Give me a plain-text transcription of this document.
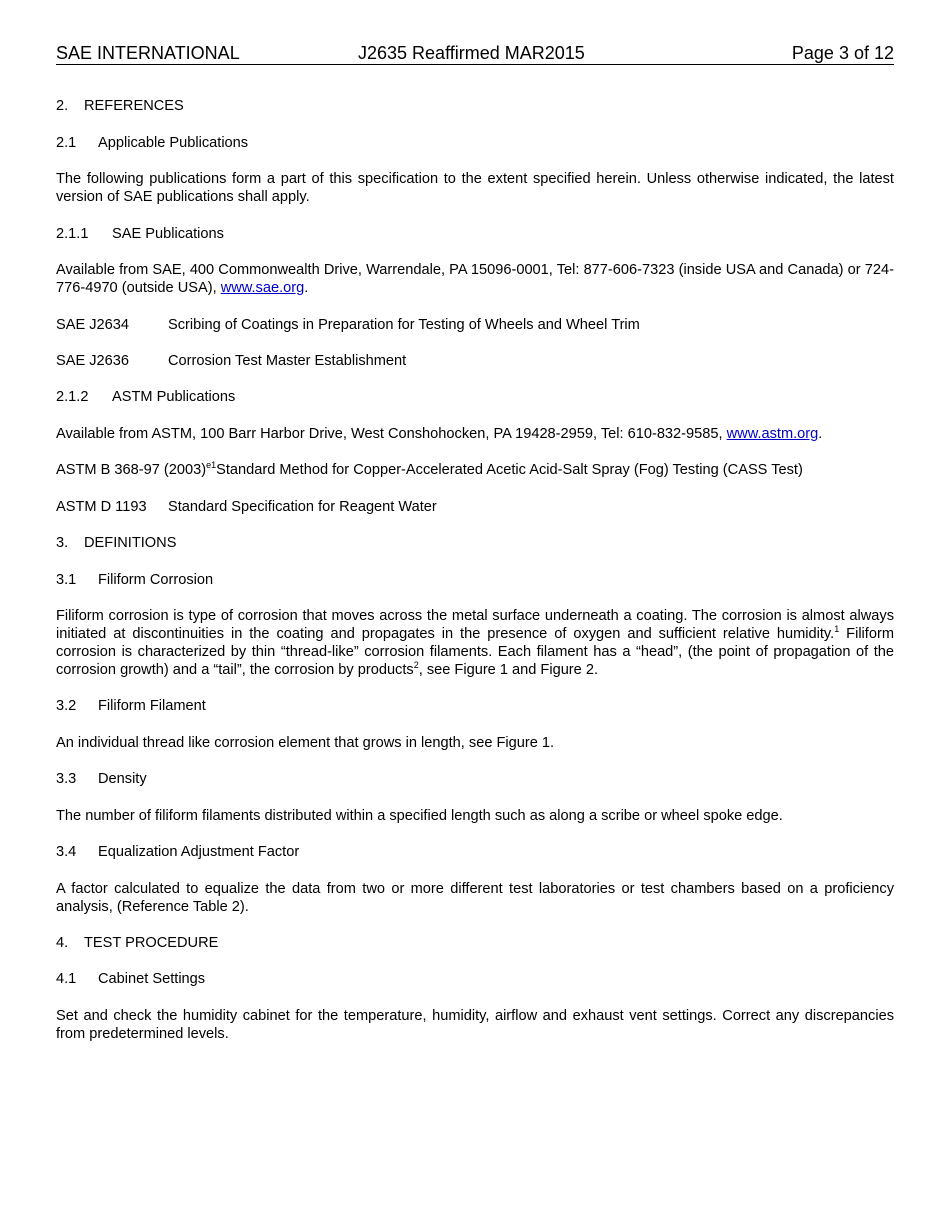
SAE INTERNATIONAL	J2635 Reaffirmed MAR2015	Page 3 of 12
2. REFERENCES
2.1 Applicable Publications
The following publications form a part of this specification to the extent specified herein. Unless otherwise indicated, the latest version of SAE publications shall apply.
2.1.1 SAE Publications
Available from SAE, 400 Commonwealth Drive, Warrendale, PA 15096-0001, Tel: 877-606-7323 (inside USA and Canada) or 724-776-4970 (outside USA), www.sae.org.
SAE J2634	Scribing of Coatings in Preparation for Testing of Wheels and Wheel Trim
SAE J2636	Corrosion Test Master Establishment
2.1.2 ASTM Publications
Available from ASTM, 100 Barr Harbor Drive, West Conshohocken, PA 19428-2959, Tel: 610-832-9585, www.astm.org.
ASTM B 368-97 $(2003)^{e1}Standard$ Method for Copper-Accelerated Acetic Acid-Salt Spray (Fog) Testing (CASS Test)
ASTM D 1193 Standard Specification for Reagent Water
3. DEFINITIONS
3.1 Filiform Corrosion
Filiform corrosion is type of corrosion that moves across the metal surface underneath a coating. The corrosion is almost always initiated at discontinuities in the coating and propagates in the presence of oxygen and sufficient relative humidity.$^1$ Filiform corrosion is characterized by thin “thread-like” corrosion filaments. Each filament has a “head”, (the point of propagation of the corrosion growth) and a “tail”, the corrosion by products$^2$, see Figure 1 and Figure 2.
3.2 Filiform Filament
An individual thread like corrosion element that grows in length, see Figure 1.
3.3 Density
The number of filiform filaments distributed within a specified length such as along a scribe or wheel spoke edge.
3.4 Equalization Adjustment Factor
A factor calculated to equalize the data from two or more different test laboratories or test chambers based on a proficiency analysis, (Reference Table 2).
4. TEST PROCEDURE
4.1 Cabinet Settings
Set and check the humidity cabinet for the temperature, humidity, airflow and exhaust vent settings. Correct any discrepancies from predetermined levels.
